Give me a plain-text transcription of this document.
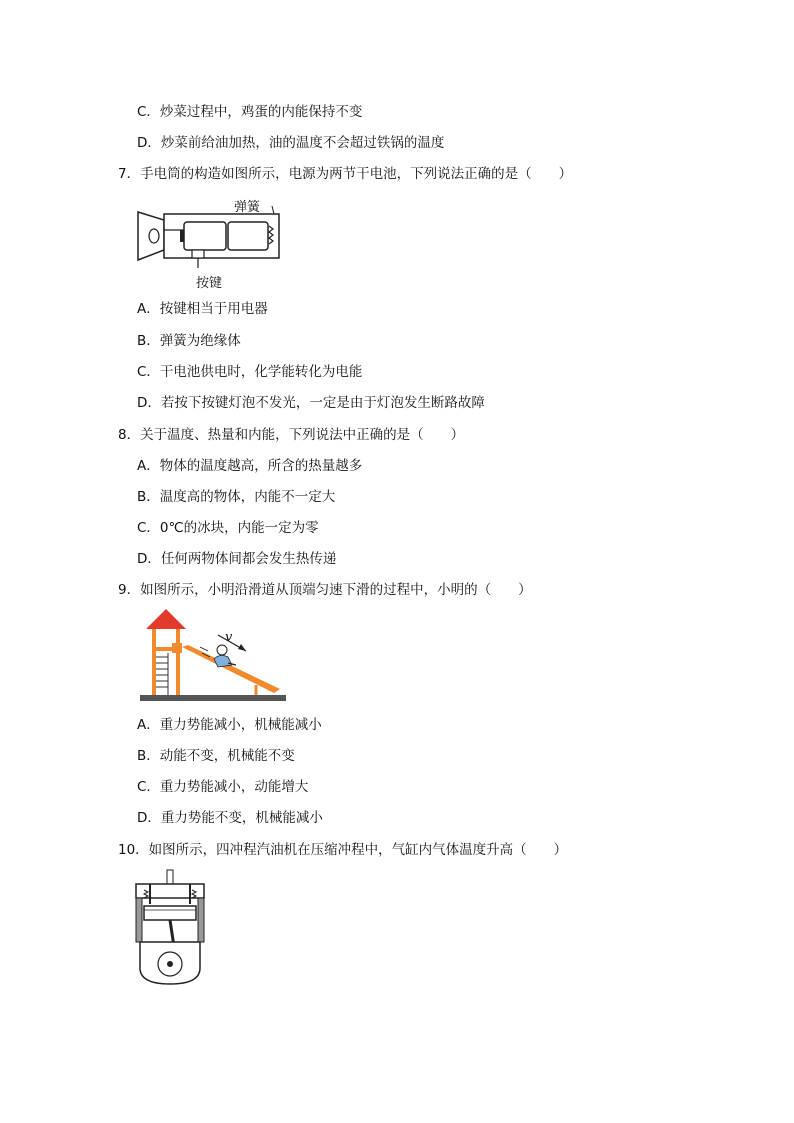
C．炒菜过程中，鸡蛋的内能保持不变
D．炒菜前给油加热，油的温度不会超过铁锅的温度
7．手电筒的构造如图所示，电源为两节干电池，下列说法正确的是（　　）
弹簧
按键
A．按键相当于用电器
B．弹簧为绝缘体
C．干电池供电时，化学能转化为电能
D．若按下按键灯泡不发光，一定是由于灯泡发生断路故障
8．关于温度、热量和内能，下列说法中正确的是（　　）
A．物体的温度越高，所含的热量越多
B．温度高的物体，内能不一定大
C．0℃的冰块，内能一定为零
D．任何两物体间都会发生热传递
9．如图所示，小明沿滑道从顶端匀速下滑的过程中，小明的（　　）
v
A．重力势能减小，机械能减小
B．动能不变，机械能不变
C．重力势能减小，动能增大
D．重力势能不变，机械能减小
10．如图所示，四冲程汽油机在压缩冲程中，气缸内气体温度升高（　　）
